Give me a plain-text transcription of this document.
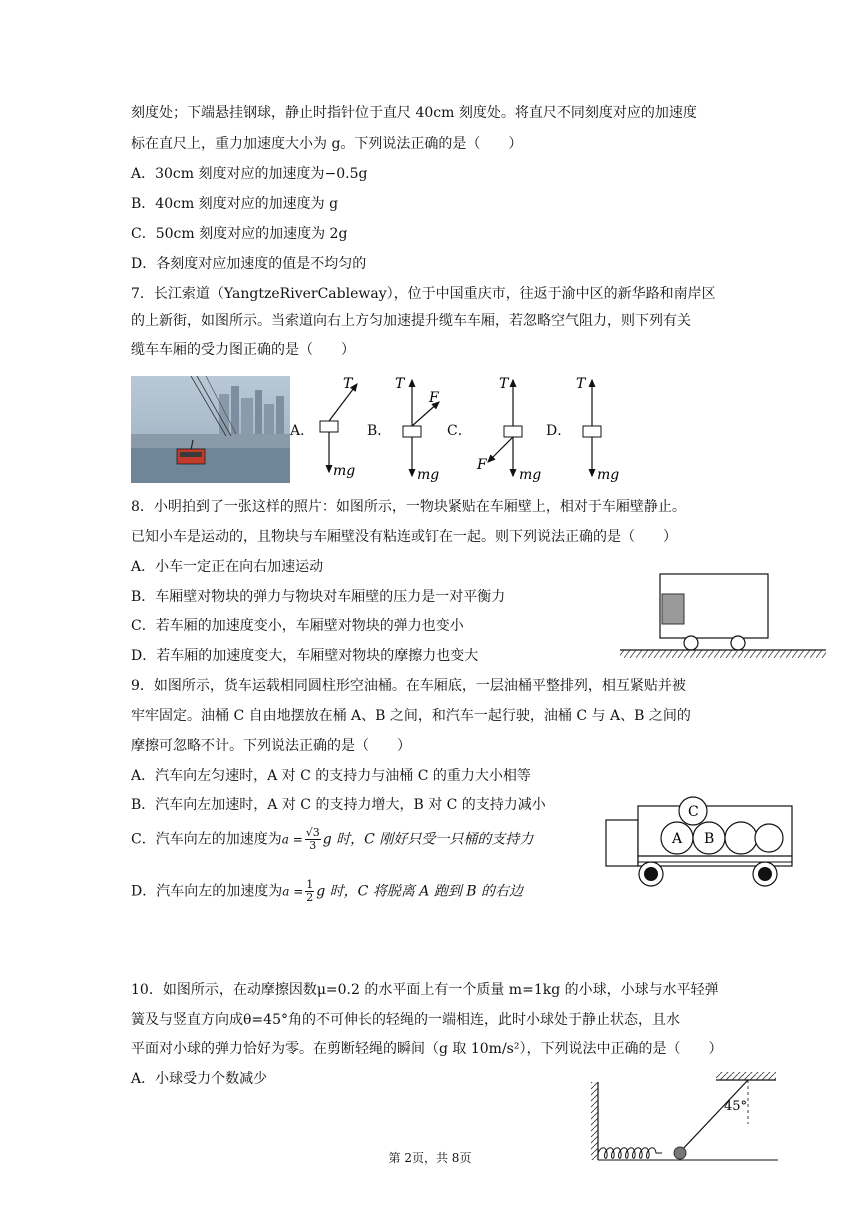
刻度处；下端悬挂钢球，静止时指针位于直尺 40cm 刻度处。将直尺不同刻度对应的加速度
标在直尺上，重力加速度大小为 g。下列说法正确的是（　　）
A．30cm 刻度对应的加速度为−0.5g
B．40cm 刻度对应的加速度为 g
C．50cm 刻度对应的加速度为 2g
D．各刻度对应加速度的值是不均匀的
7．长江索道（YangtzeRiverCableway），位于中国重庆市，往返于渝中区的新华路和南岸区
的上新街，如图所示。当索道向右上方匀加速提升缆车车厢，若忽略空气阻力，则下列有关
缆车车厢的受力图正确的是（　　）
A．	B．	C．	D．
T
mg
T
F
mg
T
F
mg
T
mg
8．小明拍到了一张这样的照片：如图所示，一物块紧贴在车厢壁上，相对于车厢壁静止。
已知小车是运动的，且物块与车厢壁没有粘连或钉在一起。则下列说法正确的是（　　）
A．小车一定正在向右加速运动
B．车厢壁对物块的弹力与物块对车厢壁的压力是一对平衡力
C．若车厢的加速度变小，车厢壁对物块的弹力也变小
D．若车厢的加速度变大，车厢壁对物块的摩擦力也变大
9．如图所示，货车运载相同圆柱形空油桶。在车厢底，一层油桶平整排列，相互紧贴并被
牢牢固定。油桶 C 自由地摆放在桶 A、B 之间，和汽车一起行驶，油桶 C 与 A、B 之间的
摩擦可忽略不计。下列说法正确的是（　　）
A．汽车向左匀速时，A 对 C 的支持力与油桶 C 的重力大小相等
B．汽车向左加速时，A 对 C 的支持力增大，B 对 C 的支持力减小
C．汽车向左的加速度为$a = \frac{√3}{3}$ g 时，C 刚好只受一只桶的支持力
D．汽车向左的加速度为$a = \frac{1}{2}$ g 时，C 将脱离 A 跑到 B 的右边
C
A B
10．如图所示，在动摩擦因数μ=0.2 的水平面上有一个质量 m=1kg 的小球，小球与水平轻弹
簧及与竖直方向成θ=45°角的不可伸长的轻绳的一端相连，此时小球处于静止状态，且水
平面对小球的弹力恰好为零。在剪断轻绳的瞬间（g 取 10m/s²），下列说法中正确的是（　　）
A．小球受力个数减少
45°
第 2页，共 8页
